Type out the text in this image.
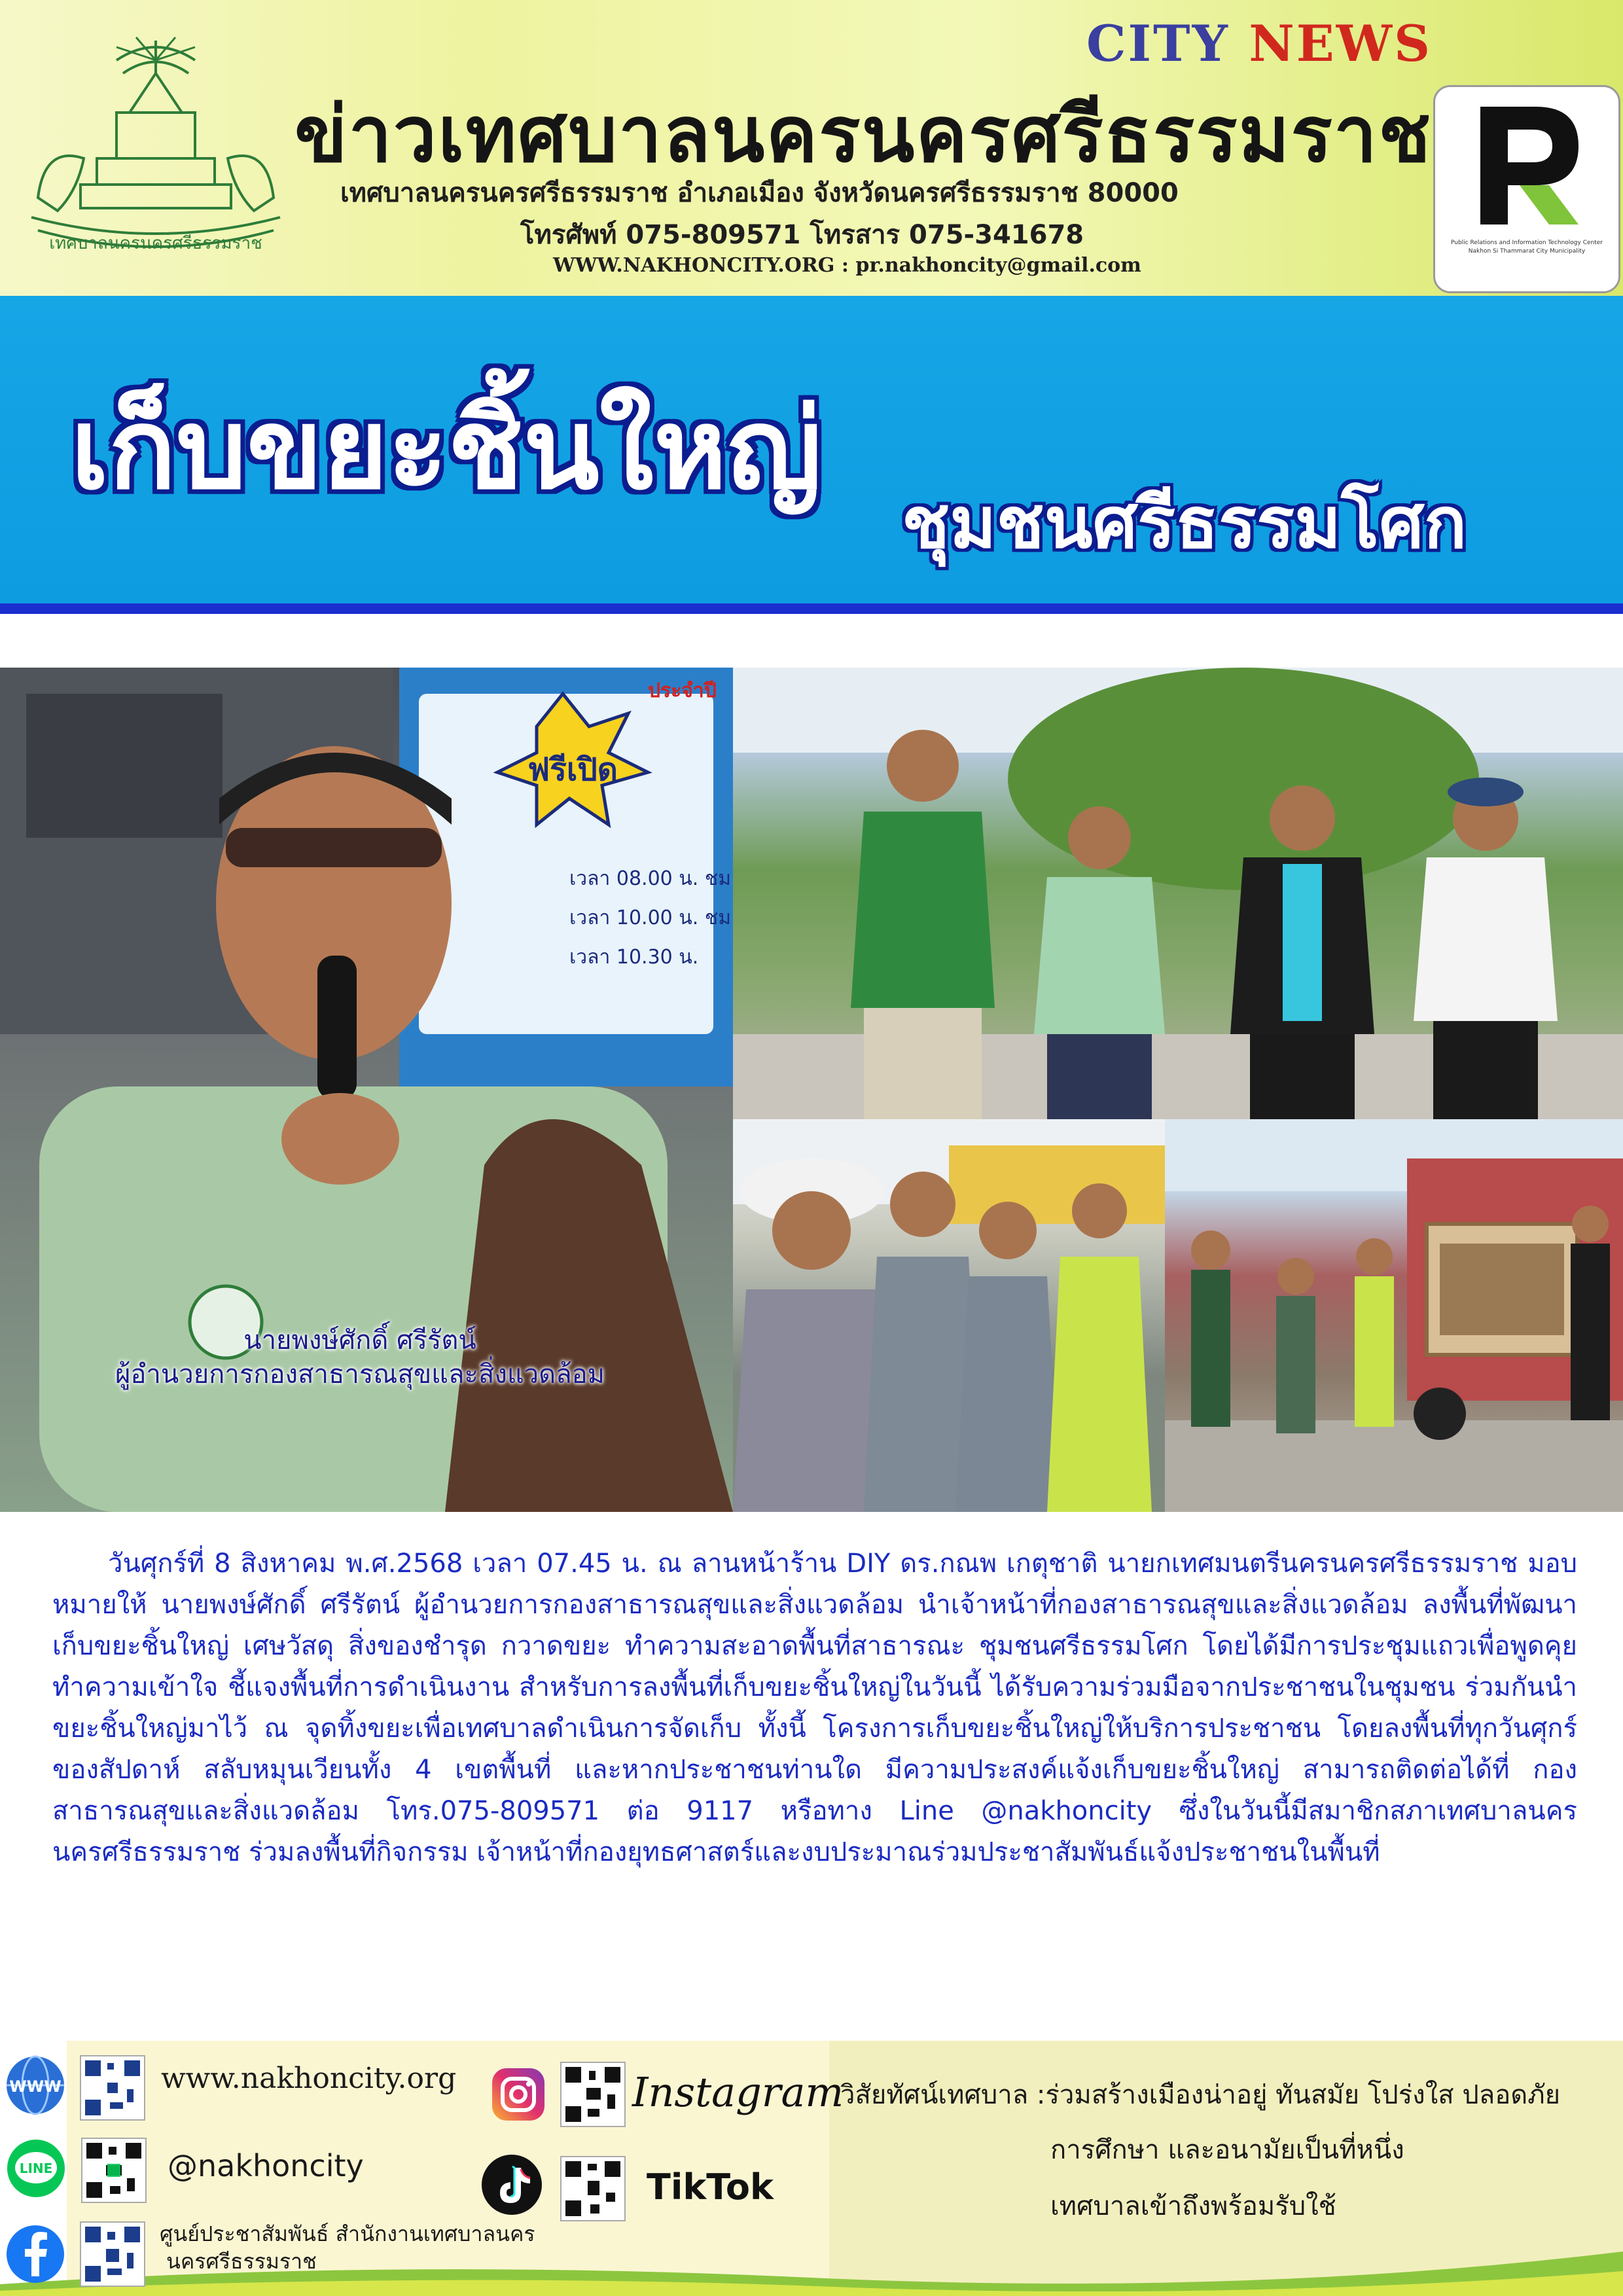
เทศบาลนครนครศรีธรรมราช
CITY NEWS
ข่าวเทศบาลนครนครศรีธรรมราช
เทศบาลนครนครศรีธรรมราช อำเภอเมือง จังหวัดนครศรีธรรมราช 80000
โทรศัพท์ 075-809571 โทรสาร 075-341678
WWW.NAKHONCITY.ORG : pr.nakhoncity@gmail.com
Public Relations and Information Technology Center Nakhon Si Thammarat City Municipality
เก็บขยะชิ้นใหญ่
ชุมชนศรีธรรมโศก
ฟรีเปิด
ประจำปี
เวลา 08.00 น. ชม
เวลา 10.00 น. ชม
เวลา 10.30 น.
นายพงษ์ศักดิ์ ศรีรัตน์
ผู้อำนวยการกองสาธารณสุขและสิ่งแวดล้อม
วันศุกร์ที่ 8 สิงหาคม พ.ศ.2568 เวลา 07.45 น. ณ ลานหน้าร้าน DIY ดร.กณพ เกตุชาติ นายกเทศมนตรีนครนครศรีธรรมราช มอบหมายให้ นายพงษ์ศักดิ์ ศรีรัตน์ ผู้อำนวยการกองสาธารณสุขและสิ่งแวดล้อม นำเจ้าหน้าที่กองสาธารณสุขและสิ่งแวดล้อม ลงพื้นที่พัฒนา เก็บขยะชิ้นใหญ่ เศษวัสดุ สิ่งของชำรุด กวาดขยะ ทำความสะอาดพื้นที่สาธารณะ ชุมชนศรีธรรมโศก โดยได้มีการประชุมแถวเพื่อพูดคุยทำความเข้าใจ ชี้แจงพื้นที่การดำเนินงาน สำหรับการลงพื้นที่เก็บขยะชิ้นใหญ่ในวันนี้ ได้รับความร่วมมือจากประชาชนในชุมชน ร่วมกันนำขยะชิ้นใหญ่มาไว้ ณ จุดทิ้งขยะเพื่อเทศบาลดำเนินการจัดเก็บ ทั้งนี้ โครงการเก็บขยะชิ้นใหญ่ให้บริการประชาชน โดยลงพื้นที่ทุกวันศุกร์ของสัปดาห์ สลับหมุนเวียนทั้ง 4 เขตพื้นที่ และหากประชาชนท่านใด มีความประสงค์แจ้งเก็บขยะชิ้นใหญ่ สามารถติดต่อได้ที่ กองสาธารณสุขและสิ่งแวดล้อม โทร.075-809571 ต่อ 9117 หรือทาง Line @nakhoncity ซึ่งในวันนี้มีสมาชิกสภาเทศบาลนครนครศรีธรรมราช ร่วมลงพื้นที่กิจกรรม เจ้าหน้าที่กองยุทธศาสตร์และงบประมาณร่วมประชาสัมพันธ์แจ้งประชาชนในพื้นที่
WWW
LINE
www.nakhoncity.org
@nakhoncity
ศูนย์ประชาสัมพันธ์ สำนักงานเทศบาลนคร
นครศรีธรรมราช
Instagram
TikTok
วิสัยทัศน์เทศบาล :ร่วมสร้างเมืองน่าอยู่ ทันสมัย โปร่งใส ปลอดภัย
การศึกษา และอนามัยเป็นที่หนึ่ง
เทศบาลเข้าถึงพร้อมรับใช้
